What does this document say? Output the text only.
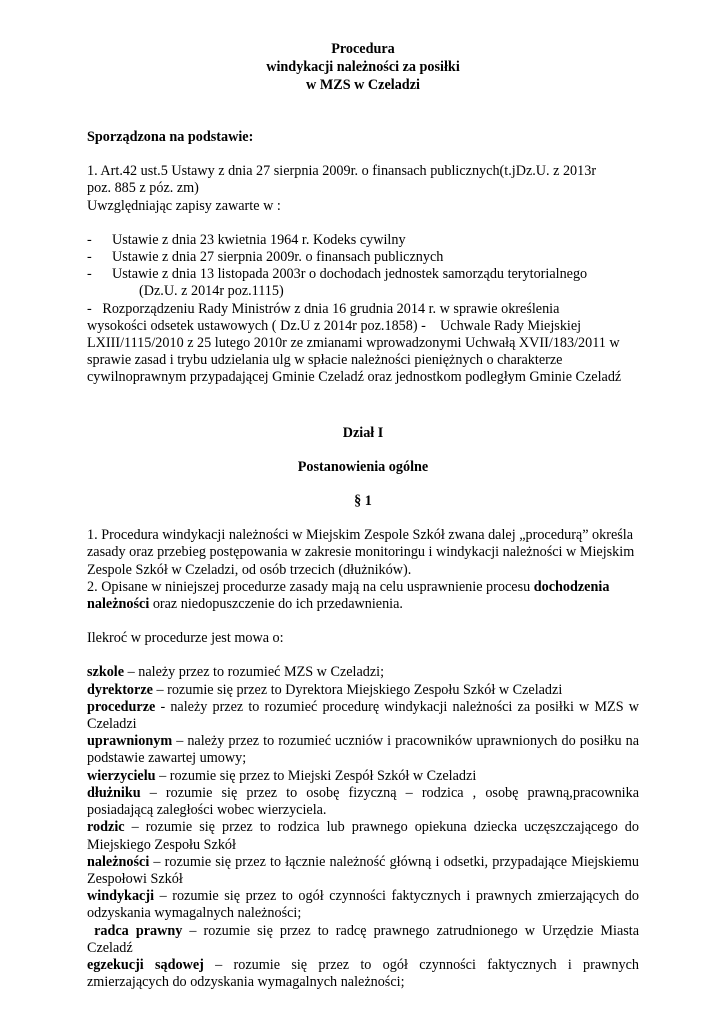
Procedura
windykacji należności za posiłki
w MZS w Czeladzi

Sporządzona na podstawie:

1. Art.42 ust.5 Ustawy z dnia 27 sierpnia 2009r. o finansach publicznych(t.jDz.U. z 2013r

poz. 885 z póz. zm)

Uwzględniając zapisy zawarte w :

- Ustawie z dnia 23 kwietnia 1964 r. Kodeks cywilny
- Ustawie z dnia 27 sierpnia 2009r. o finansach publicznych
- Ustawie z dnia 13 listopada 2003r o dochodach jednostek samorządu terytorialnego

(Dz.U. z 2014r poz.1115)

-   Rozporządzeniu Rady Ministrów z dnia 16 grudnia 2014 r. w sprawie określenia

wysokości odsetek ustawowych ( Dz.U z 2014r poz.1858) -    Uchwale Rady Miejskiej

LXIII/1115/2010 z 25 lutego 2010r ze zmianami wprowadzonymi Uchwałą XVII/183/2011 w

sprawie zasad i trybu udzielania ulg w spłacie należności pieniężnych o charakterze

cywilnoprawnym przypadającej Gminie Czeladź oraz jednostkom podległym Gminie Czeladź

Dział I

Postanowienia ogólne

§ 1

1. Procedura windykacji należności w Miejskim Zespole Szkół zwana dalej „procedurą” określa

zasady oraz przebieg postępowania w zakresie monitoringu i windykacji należności w Miejskim

Zespole Szkół w Czeladzi, od osób trzecich (dłużników).

2. Opisane w niniejszej procedurze zasady mają na celu usprawnienie procesu dochodzenia

należności oraz niedopuszczenie do ich przedawnienia.

Ilekroć w procedurze jest mowa o:

szkole – należy przez to rozumieć MZS w Czeladzi;

dyrektorze – rozumie się przez to Dyrektora Miejskiego Zespołu Szkół w Czeladzi

procedurze - należy przez to rozumieć procedurę windykacji należności za posiłki w MZS w Czeladzi

uprawnionym – należy przez to rozumieć uczniów i pracowników uprawnionych do posiłku na podstawie zawartej umowy;

wierzycielu – rozumie się przez to Miejski Zespół Szkół w Czeladzi

dłużniku – rozumie się przez to osobę fizyczną – rodzica , osobę prawną,pracownika posiadającą zaległości wobec wierzyciela.

rodzic – rozumie się przez to rodzica lub prawnego opiekuna dziecka uczęszczającego do Miejskiego Zespołu Szkół

należności – rozumie się przez to łącznie należność główną i odsetki, przypadające Miejskiemu Zespołowi Szkół

windykacji – rozumie się przez to ogół czynności faktycznych i prawnych zmierzających do odzyskania wymagalnych należności;

radca prawny – rozumie się przez to radcę prawnego zatrudnionego w Urzędzie Miasta Czeladź

egzekucji sądowej – rozumie się przez to ogół czynności faktycznych i prawnych zmierzających do odzyskania wymagalnych należności;
